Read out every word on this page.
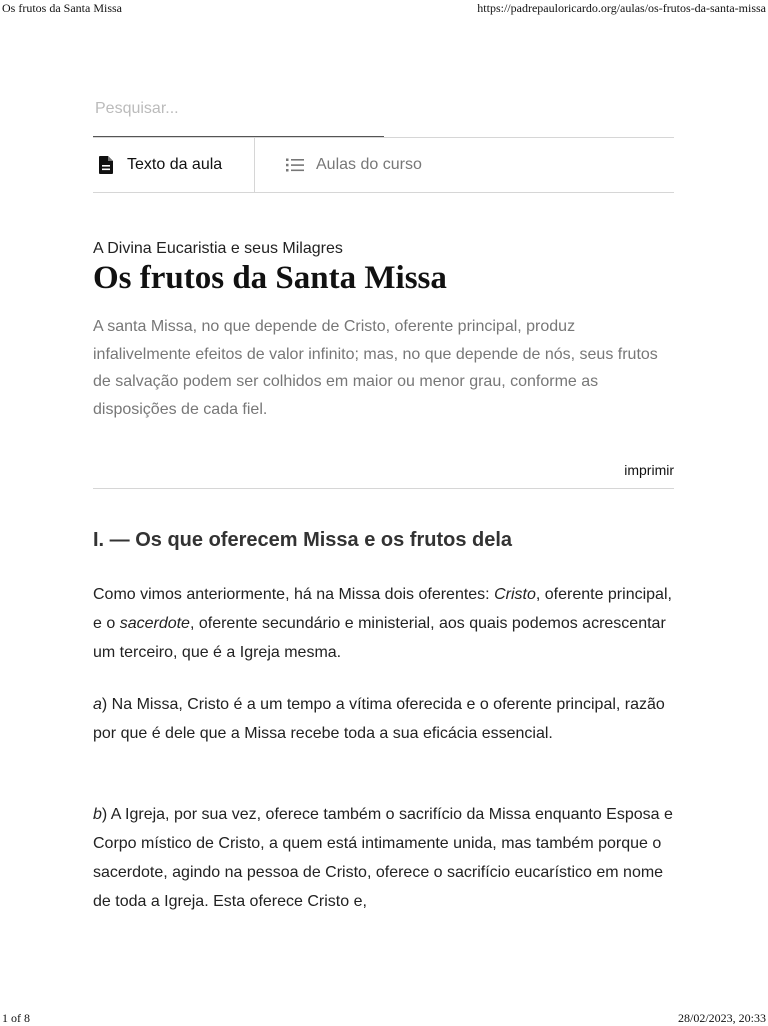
Os frutos da Santa Missa	https://padrepauloricardo.org/aulas/os-frutos-da-santa-missa
Pesquisar...
Texto da aula	Aulas do curso
A Divina Eucaristia e seus Milagres
Os frutos da Santa Missa

A santa Missa, no que depende de Cristo, oferente principal, produz infalivelmente efeitos de valor infinito; mas, no que depende de nós, seus frutos de salvação podem ser colhidos em maior ou menor grau, conforme as disposições de cada fiel.

imprimir
I. — Os que oferecem Missa e os frutos dela

Como vimos anteriormente, há na Missa dois oferentes: Cristo, oferente principal, e o sacerdote, oferente secundário e ministerial, aos quais podemos acrescentar um terceiro, que é a Igreja mesma.

a) Na Missa, Cristo é a um tempo a vítima oferecida e o oferente principal, razão por que é dele que a Missa recebe toda a sua eficácia essencial.

b) A Igreja, por sua vez, oferece também o sacrifício da Missa enquanto Esposa e Corpo místico de Cristo, a quem está intimamente unida, mas também porque o sacerdote, agindo na pessoa de Cristo, oferece o sacrifício eucarístico em nome de toda a Igreja. Esta oferece Cristo e,

1 of 8	28/02/2023, 20:33
